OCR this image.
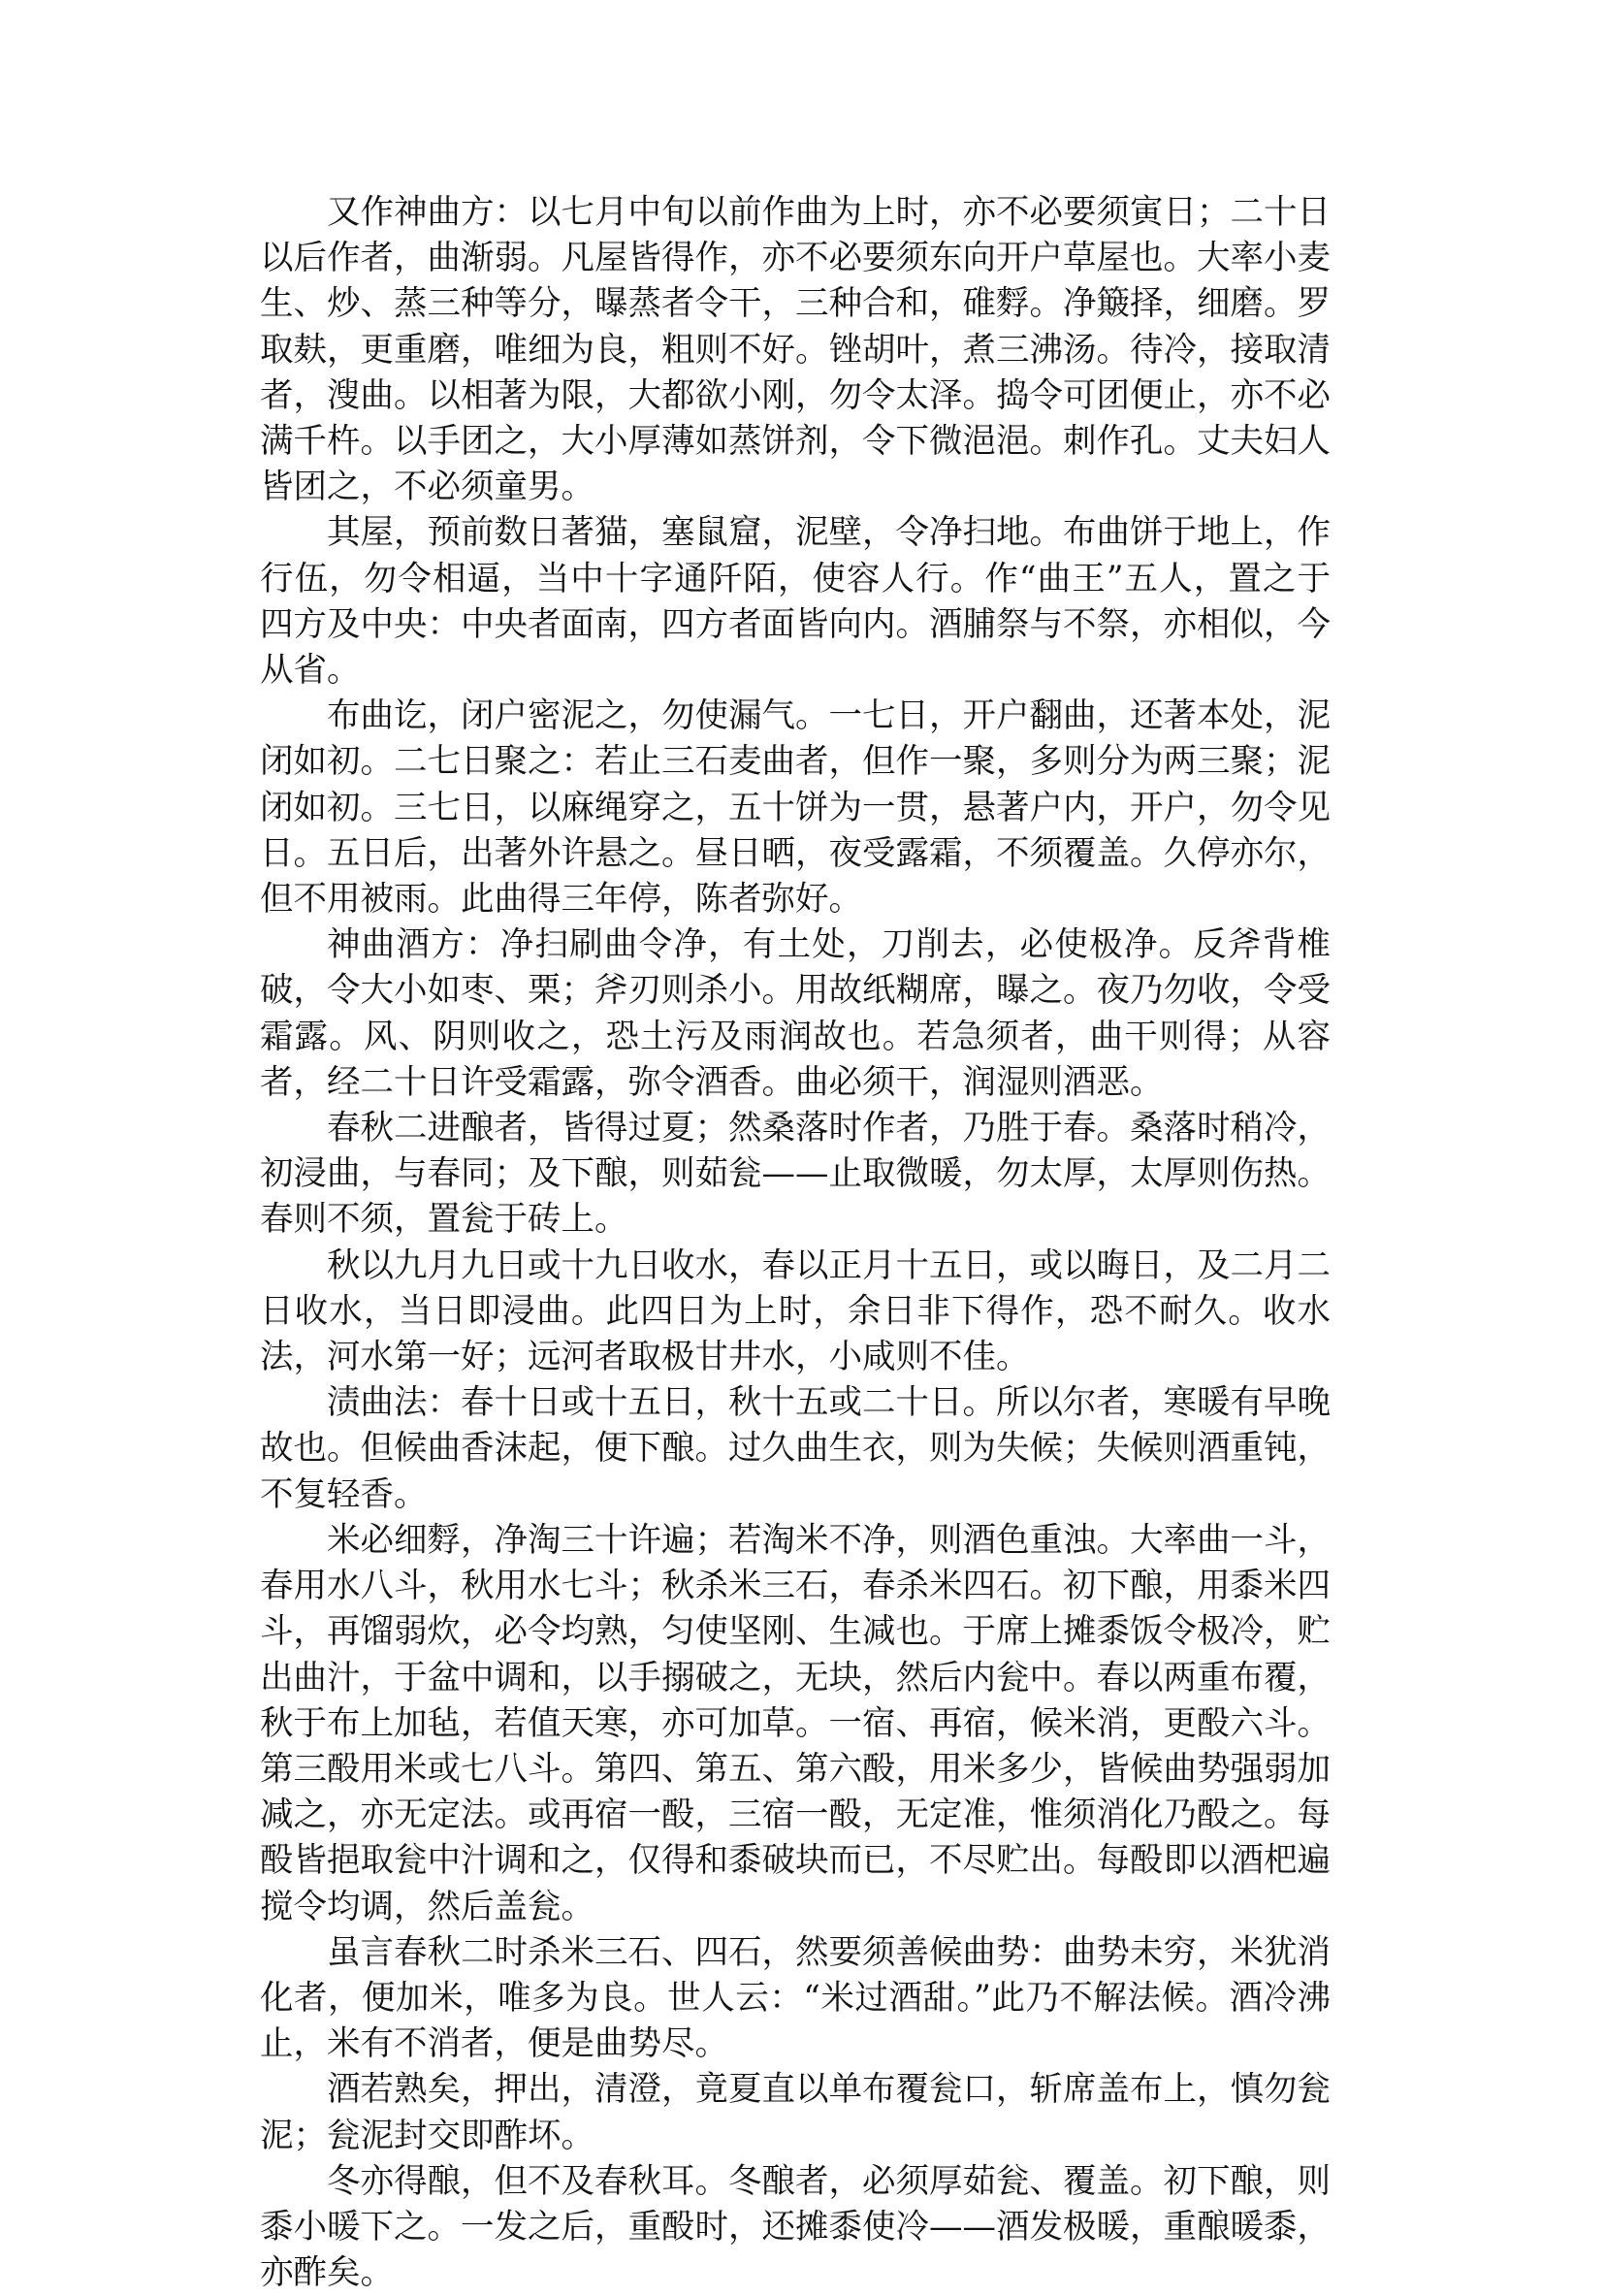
又作神曲方：以七月中旬以前作曲为上时，亦不必要须寅日；二十日以后作者，曲渐弱。凡屋皆得作，亦不必要须东向开户草屋也。大率小麦生、炒、蒸三种等分，曝蒸者令干，三种合和，碓䴸。净簸择，细磨。罗取麸，更重磨，唯细为良，粗则不好。锉胡叶，煮三沸汤。待冷，接取清者，溲曲。以相著为限，大都欲小刚，勿令太泽。捣令可团便止，亦不必满千杵。以手团之，大小厚薄如蒸饼剂，令下微浥浥。刺作孔。丈夫妇人皆团之，不必须童男。

其屋，预前数日著猫，塞鼠窟，泥壁，令净扫地。布曲饼于地上，作行伍，勿令相逼，当中十字通阡陌，使容人行。作“曲王”五人，置之于四方及中央：中央者面南，四方者面皆向内。酒脯祭与不祭，亦相似，今从省。

布曲讫，闭户密泥之，勿使漏气。一七日，开户翻曲，还著本处，泥闭如初。二七日聚之：若止三石麦曲者，但作一聚，多则分为两三聚；泥闭如初。三七日，以麻绳穿之，五十饼为一贯，悬著户内，开户，勿令见日。五日后，出著外许悬之。昼日晒，夜受露霜，不须覆盖。久停亦尔，但不用被雨。此曲得三年停，陈者弥好。

神曲酒方：净扫刷曲令净，有土处，刀削去，必使极净。反斧背椎破，令大小如枣、栗；斧刃则杀小。用故纸糊席，曝之。夜乃勿收，令受霜露。风、阴则收之，恐土污及雨润故也。若急须者，曲干则得；从容者，经二十日许受霜露，弥令酒香。曲必须干，润湿则酒恶。

春秋二进酿者，皆得过夏；然桑落时作者，乃胜于春。桑落时稍冷，初浸曲，与春同；及下酿，则茹瓮——止取微暖，勿太厚，太厚则伤热。春则不须，置瓮于砖上。

秋以九月九日或十九日收水，春以正月十五日，或以晦日，及二月二日收水，当日即浸曲。此四日为上时，余日非下得作，恐不耐久。收水法，河水第一好；远河者取极甘井水，小咸则不佳。

渍曲法：春十日或十五日，秋十五或二十日。所以尔者，寒暖有早晚故也。但候曲香沫起，便下酿。过久曲生衣，则为失候；失候则酒重钝，不复轻香。

米必细䴸，净淘三十许遍；若淘米不净，则酒色重浊。大率曲一斗，春用水八斗，秋用水七斗；秋杀米三石，春杀米四石。初下酿，用黍米四斗，再馏弱炊，必令均熟，匀使坚刚、生减也。于席上摊黍饭令极冷，贮出曲汁，于盆中调和，以手搦破之，无块，然后内瓮中。春以两重布覆，秋于布上加毡，若值天寒，亦可加草。一宿、再宿，候米消，更酘六斗。第三酘用米或七八斗。第四、第五、第六酘，用米多少，皆候曲势强弱加减之，亦无定法。或再宿一酘，三宿一酘，无定准，惟须消化乃酘之。每酘皆挹取瓮中汁调和之，仅得和黍破块而已，不尽贮出。每酘即以酒杷遍搅令均调，然后盖瓮。

虽言春秋二时杀米三石、四石，然要须善候曲势：曲势未穷，米犹消化者，便加米，唯多为良。世人云：“米过酒甜。”此乃不解法候。酒冷沸止，米有不消者，便是曲势尽。

酒若熟矣，押出，清澄，竟夏直以单布覆瓮口，斩席盖布上，慎勿瓮泥；瓮泥封交即酢坏。

冬亦得酿，但不及春秋耳。冬酿者，必须厚茹瓮、覆盖。初下酿，则黍小暖下之。一发之后，重酘时，还摊黍使冷——酒发极暖，重酿暖黍，亦酢矣。
